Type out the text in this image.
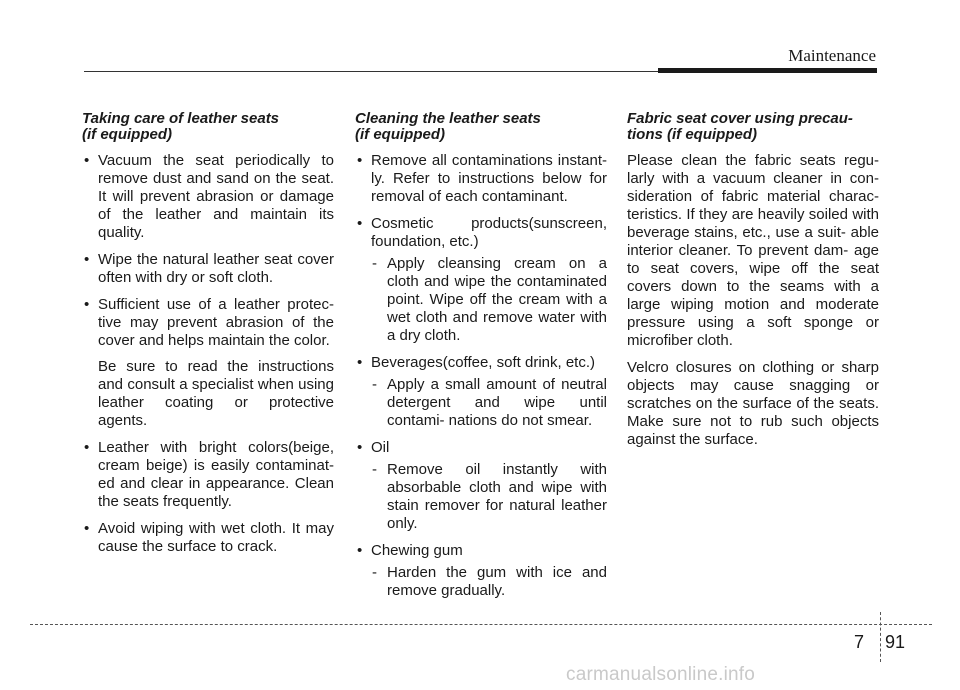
Maintenance
Taking care of leather seats
(if equipped)
• Vacuum the seat periodically to remove dust and sand on the seat. It will prevent abrasion or damage of the leather and maintain its quality.
• Wipe the natural leather seat cover often with dry or soft cloth.
• Sufficient use of a leather protec- tive may prevent abrasion of the cover and helps maintain the color.
Be sure to read the instructions and consult a specialist when using leather coating or protective agents.
• Leather with bright colors(beige, cream beige) is easily contaminat- ed and clear in appearance. Clean the seats frequently.
• Avoid wiping with wet cloth. It may cause the surface to crack.
Cleaning the leather seats
(if equipped)
• Remove all contaminations instant- ly. Refer to instructions below for removal of each contaminant.
• Cosmetic products(sunscreen, foundation, etc.)
- Apply cleansing cream on a cloth and wipe the contaminated point. Wipe off the cream with a wet cloth and remove water with a dry cloth.
• Beverages(coffee, soft drink, etc.)
- Apply a small amount of neutral detergent and wipe until contami- nations do not smear.
• Oil
- Remove oil instantly with absorbable cloth and wipe with stain remover for natural leather only.
• Chewing gum
- Harden the gum with ice and remove gradually.
Fabric seat cover using precau-
tions (if equipped)

Please clean the fabric seats regu- larly with a vacuum cleaner in con- sideration of fabric material charac- teristics. If they are heavily soiled with beverage stains, etc., use a suit- able interior cleaner. To prevent dam- age to seat covers, wipe off the seat covers down to the seams with a large wiping motion and moderate pressure using a soft sponge or microfiber cloth.

Velcro closures on clothing or sharp objects may cause snagging or scratches on the surface of the seats. Make sure not to rub such objects against the surface.

7 91
carmanualsonline.info
